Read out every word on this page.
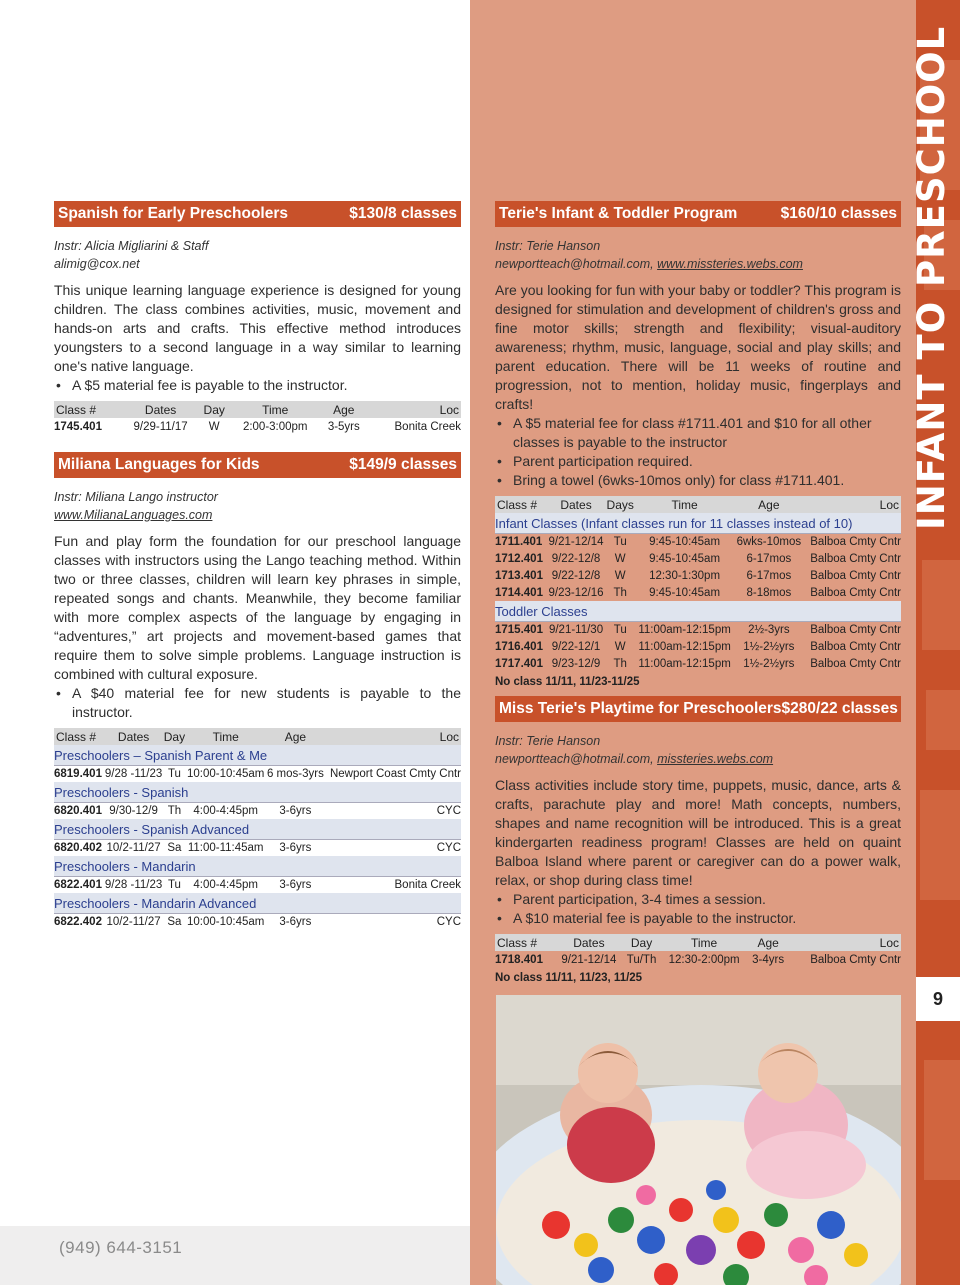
INFANT TO PRESCHOOL
9
(949) 644-3151
Spanish for Early Preschoolers	$130/8 classes
Instr: Alicia Migliarini & Staff
alimig@cox.net
This unique learning language experience is designed for young children. The class combines activities, music, movement and hands-on arts and crafts. This effective method introduces youngsters to a second language in a way similar to learning one's native language.
• A $5 material fee is payable to the instructor.
Class #	Dates	Day	Time	Age	Loc
1745.401	9/29-11/17	W	2:00-3:00pm	3-5yrs	Bonita Creek
Miliana Languages for Kids	$149/9 classes
Instr: Miliana Lango instructor
www.MilianaLanguages.com
Fun and play form the foundation for our preschool language classes with instructors using the Lango teaching method. Within two or three classes, children will learn key phrases in simple, repeated songs and chants. Meanwhile, they become familiar with more complex aspects of the language by engaging in “adventures,” art projects and movement-based games that require them to solve simple problems. Language instruction is combined with cultural exposure.
• A $40 material fee for new students is payable to the instructor.
Class #	Dates	Day	Time	Age	Loc
Preschoolers – Spanish Parent & Me					
6819.401	9/28 -11/23	Tu	10:00-10:45am	6 mos-3yrs	Newport Coast Cmty Cntr
Preschoolers - Spanish					
6820.401	9/30-12/9	Th	4:00-4:45pm	3-6yrs	CYC
Preschoolers - Spanish Advanced					
6820.402	10/2-11/27	Sa	11:00-11:45am	3-6yrs	CYC
Preschoolers - Mandarin					
6822.401	9/28 -11/23	Tu	4:00-4:45pm	3-6yrs	Bonita Creek
Preschoolers - Mandarin Advanced					
6822.402	10/2-11/27	Sa	10:00-10:45am	3-6yrs	CYC
Terie's Infant & Toddler Program	$160/10 classes
Instr: Terie Hanson
newportteach@hotmail.com, www.missteries.webs.com
Are you looking for fun with your baby or toddler? This program is designed for stimulation and development of children's gross and fine motor skills; strength and flexibility; visual-auditory awareness; rhythm, music, language, social and play skills; and parent education. There will be 11 weeks of routine and progression, not to mention, holiday music, fingerplays and crafts!
• A $5 material fee for class #1711.401 and $10 for all other classes is payable to the instructor
• Parent participation required.
• Bring a towel (6wks-10mos only) for class #1711.401.
Class #	Dates	Days	Time	Age	Loc
Infant Classes (Infant classes run for 11 classes instead of 10)					
1711.401	9/21-12/14	Tu	9:45-10:45am	6wks-10mos	Balboa Cmty Cntr
1712.401	9/22-12/8	W	9:45-10:45am	6-17mos	Balboa Cmty Cntr
1713.401	9/22-12/8	W	12:30-1:30pm	6-17mos	Balboa Cmty Cntr
1714.401	9/23-12/16	Th	9:45-10:45am	8-18mos	Balboa Cmty Cntr
Toddler Classes					
1715.401	9/21-11/30	Tu	11:00am-12:15pm	2½-3yrs	Balboa Cmty Cntr
1716.401	9/22-12/1	W	11:00am-12:15pm	1½-2½yrs	Balboa Cmty Cntr
1717.401	9/23-12/9	Th	11:00am-12:15pm	1½-2½yrs	Balboa Cmty Cntr
No class 11/11, 11/23-11/25
Miss Terie's Playtime for Preschoolers $280/22 classes
Instr: Terie Hanson
newportteach@hotmail.com, missteries.webs.com
Class activities include story time, puppets, music, dance, arts & crafts, parachute play and more! Math concepts, numbers, shapes and name recognition will be introduced. This is a great kindergarten readiness program! Classes are held on quaint Balboa Island where parent or caregiver can do a power walk, relax, or shop during class time!
• Parent participation, 3-4 times a session.
• A $10 material fee is payable to the instructor.
Class #	Dates	Day	Time	Age	Loc
1718.401	9/21-12/14	Tu/Th	12:30-2:00pm	3-4yrs	Balboa Cmty Cntr
No class 11/11, 11/23, 11/25
